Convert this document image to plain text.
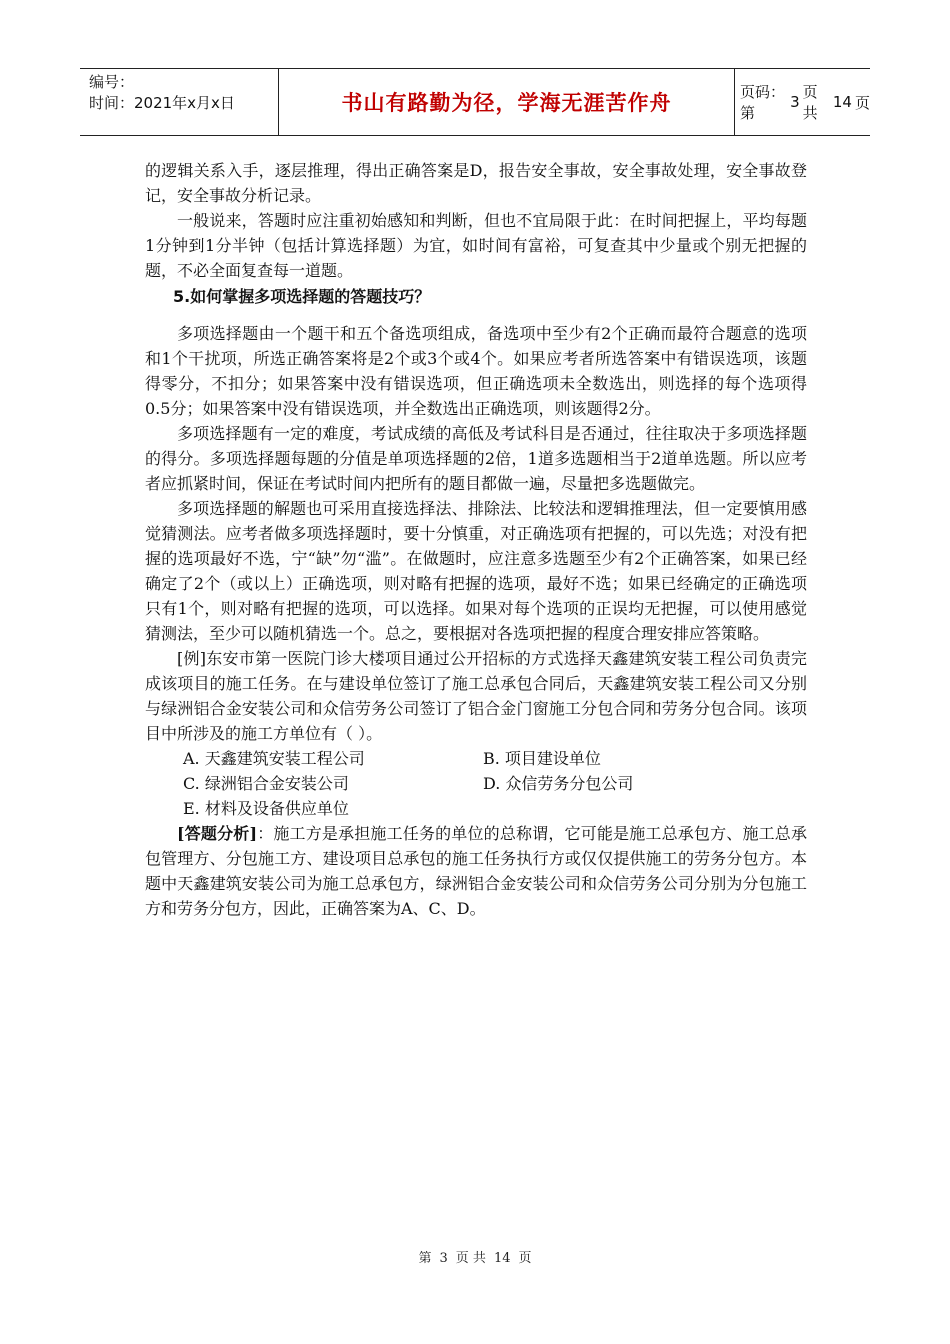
编号：
时间：2021年x月x日	书山有路勤为径，学海无涯苦作舟	页码：第
3
页 共
14 页

的逻辑关系入手，逐层推理，得出正确答案是D，报告安全事故，安全事故处理，安全事故登记，安全事故分析记录。

一般说来，答题时应注重初始感知和判断，但也不宜局限于此：在时间把握上，平均每题1分钟到1分半钟（包括计算选择题）为宜，如时间有富裕，可复查其中少量或个别无把握的题，不必全面复查每一道题。

5.如何掌握多项选择题的答题技巧？

多项选择题由一个题干和五个备选项组成，备选项中至少有2个正确而最符合题意的选项和1个干扰项，所选正确答案将是2个或3个或4个。如果应考者所选答案中有错误选项，该题得零分，不扣分；如果答案中没有错误选项，但正确选项未全数选出，则选择的每个选项得0.5分；如果答案中没有错误选项，并全数选出正确选项，则该题得2分。

多项选择题有一定的难度，考试成绩的高低及考试科目是否通过，往往取决于多项选择题的得分。多项选择题每题的分值是单项选择题的2倍，1道多选题相当于2道单选题。所以应考者应抓紧时间，保证在考试时间内把所有的题目都做一遍，尽量把多选题做完。

多项选择题的解题也可采用直接选择法、排除法、比较法和逻辑推理法，但一定要慎用感觉猜测法。应考者做多项选择题时，要十分慎重，对正确选项有把握的，可以先选；对没有把握的选项最好不选，宁“缺”勿“滥”。在做题时，应注意多选题至少有2个正确答案，如果已经确定了2个（或以上）正确选项，则对略有把握的选项，最好不选；如果已经确定的正确选项只有1个，则对略有把握的选项，可以选择。如果对每个选项的正误均无把握，可以使用感觉猜测法，至少可以随机猜选一个。总之，要根据对各选项把握的程度合理安排应答策略。

[例]东安市第一医院门诊大楼项目通过公开招标的方式选择天鑫建筑安装工程公司负责完成该项目的施工任务。在与建设单位签订了施工总承包合同后，天鑫建筑安装工程公司又分别与绿洲铝合金安装公司和众信劳务公司签订了铝合金门窗施工分包合同和劳务分包合同。该项目中所涉及的施工方单位有（ ）。

A. 天鑫建筑安装工程公司	B. 项目建设单位
C. 绿洲铝合金安装公司	D. 众信劳务分包公司
E. 材料及设备供应单位

[答题分析]：施工方是承担施工任务的单位的总称谓，它可能是施工总承包方、施工总承包管理方、分包施工方、建设项目总承包的施工任务执行方或仅仅提供施工的劳务分包方。本题中天鑫建筑安装公司为施工总承包方，绿洲铝合金安装公司和众信劳务公司分别为分包施工方和劳务分包方，因此，正确答案为A、C、D。

第 3 页 共 14 页
